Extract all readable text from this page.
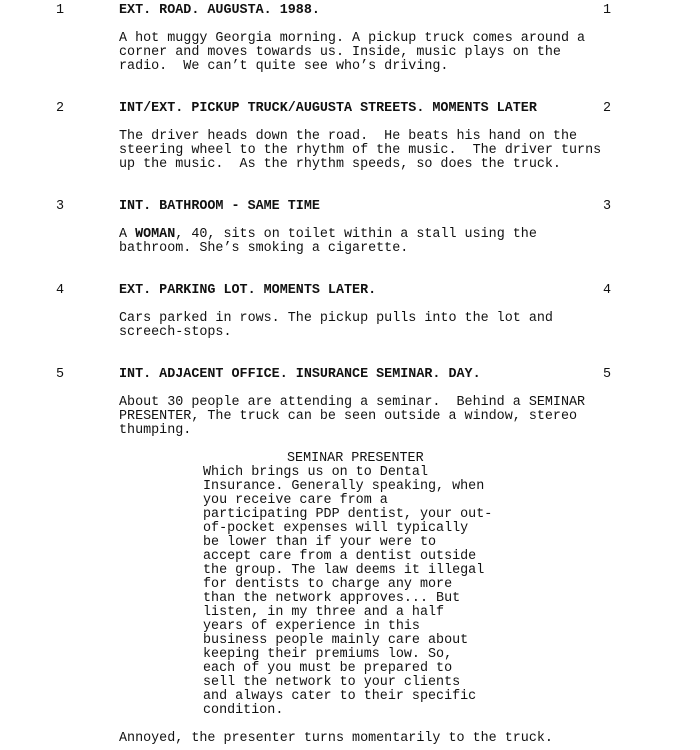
1	EXT. ROAD. AUGUSTA. 1988.	1
A hot muggy Georgia morning. A pickup truck comes around a
corner and moves towards us. Inside, music plays on the
radio.  We can’t quite see who’s driving.
2	INT/EXT. PICKUP TRUCK/AUGUSTA STREETS. MOMENTS LATER	2
The driver heads down the road.  He beats his hand on the
steering wheel to the rhythm of the music.  The driver turns
up the music.  As the rhythm speeds, so does the truck.
3	INT. BATHROOM - SAME TIME	3
A WOMAN, 40, sits on toilet within a stall using the
bathroom. She’s smoking a cigarette.
4	EXT. PARKING LOT. MOMENTS LATER.	4
Cars parked in rows. The pickup pulls into the lot and
screech-stops.
5	INT. ADJACENT OFFICE. INSURANCE SEMINAR. DAY.	5
About 30 people are attending a seminar.  Behind a SEMINAR
PRESENTER, The truck can be seen outside a window, stereo
thumping.
SEMINAR PRESENTER
Which brings us on to Dental
Insurance. Generally speaking, when
you receive care from a
participating PDP dentist, your out-
of-pocket expenses will typically
be lower than if your were to
accept care from a dentist outside
the group. The law deems it illegal
for dentists to charge any more
than the network approves... But
listen, in my three and a half
years of experience in this
business people mainly care about
keeping their premiums low. So,
each of you must be prepared to
sell the network to your clients
and always cater to their specific
condition.
Annoyed, the presenter turns momentarily to the truck.
